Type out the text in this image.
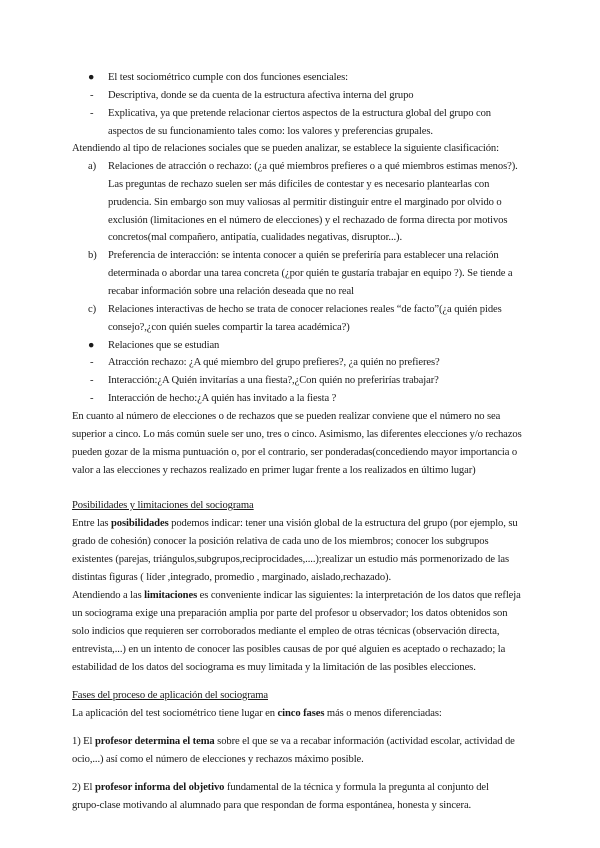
● El test sociométrico cumple con dos funciones esenciales:
- Descriptiva, donde se da cuenta de la estructura afectiva interna del grupo
- Explicativa, ya que pretende relacionar ciertos aspectos de la estructura global del grupo con
aspectos de su funcionamiento tales como: los valores y preferencias grupales.
Atendiendo al tipo de relaciones sociales que se pueden analizar, se establece la siguiente clasificación:
a) Relaciones de atracción o rechazo: (¿a qué miembros prefieres o a qué miembros estimas menos?).
Las preguntas de rechazo suelen ser más difíciles de contestar y es necesario plantearlas con
prudencia. Sin embargo son muy valiosas al permitir distinguir entre el marginado por olvido o
exclusión (limitaciones en el número de elecciones) y el rechazado de forma directa por motivos
concretos(mal compañero, antipatía, cualidades negativas, disruptor...).
b) Preferencia de interacción: se intenta conocer a quién se preferiría para establecer una relación
determinada o abordar una tarea concreta (¿por quién te gustaría trabajar en equipo ?). Se tiende a
recabar información sobre una relación deseada que no real
c) Relaciones interactivas de hecho se trata de conocer relaciones reales “de facto”(¿a quién pides
consejo?,¿con quién sueles compartir la tarea académica?)
● Relaciones que se estudian
- Atracción rechazo: ¿A qué miembro del grupo prefieres?, ¿a quién no prefieres?
- Interacción:¿A Quién invitarías a una fiesta?,¿Con quién no preferirías trabajar?
- Interacción de hecho:¿A quién has invitado a la fiesta ?
En cuanto al número de elecciones o de rechazos que se pueden realizar conviene que el número no sea
superior a cinco. Lo más común suele ser uno, tres o cinco. Asimismo, las diferentes elecciones y/o rechazos
pueden gozar de la misma puntuación o, por el contrario, ser ponderadas(concediendo mayor importancia o
valor a las elecciones y rechazos realizado en primer lugar frente a los realizados en último lugar)
Posibilidades y limitaciones del sociograma
Entre las posibilidades podemos indicar: tener una visión global de la estructura del grupo (por ejemplo, su
grado de cohesión) conocer la posición relativa de cada uno de los miembros; conocer los subgrupos
existentes (parejas, triángulos,subgrupos,reciprocidades,....);realizar un estudio más pormenorizado de las
distintas figuras ( líder ,integrado, promedio , marginado, aislado,rechazado).
Atendiendo a las limitaciones es conveniente indicar las siguientes: la interpretación de los datos que refleja
un sociograma exige una preparación amplia por parte del profesor u observador; los datos obtenidos son
solo indicios que requieren ser corroborados mediante el empleo de otras técnicas (observación directa,
entrevista,...) en un intento de conocer las posibles causas de por qué alguien es aceptado o rechazado; la
estabilidad de los datos del sociograma es muy limitada y la limitación de las posibles elecciones.
Fases del proceso de aplicación del sociograma
La aplicación del test sociométrico tiene lugar en cinco fases más o menos diferenciadas:
1) El profesor determina el tema sobre el que se va a recabar información (actividad escolar, actividad de
ocio,...) así como el número de elecciones y rechazos máximo posible.
2) El profesor informa del objetivo fundamental de la técnica y formula la pregunta al conjunto del
grupo-clase motivando al alumnado para que respondan de forma espontánea, honesta y sincera.
